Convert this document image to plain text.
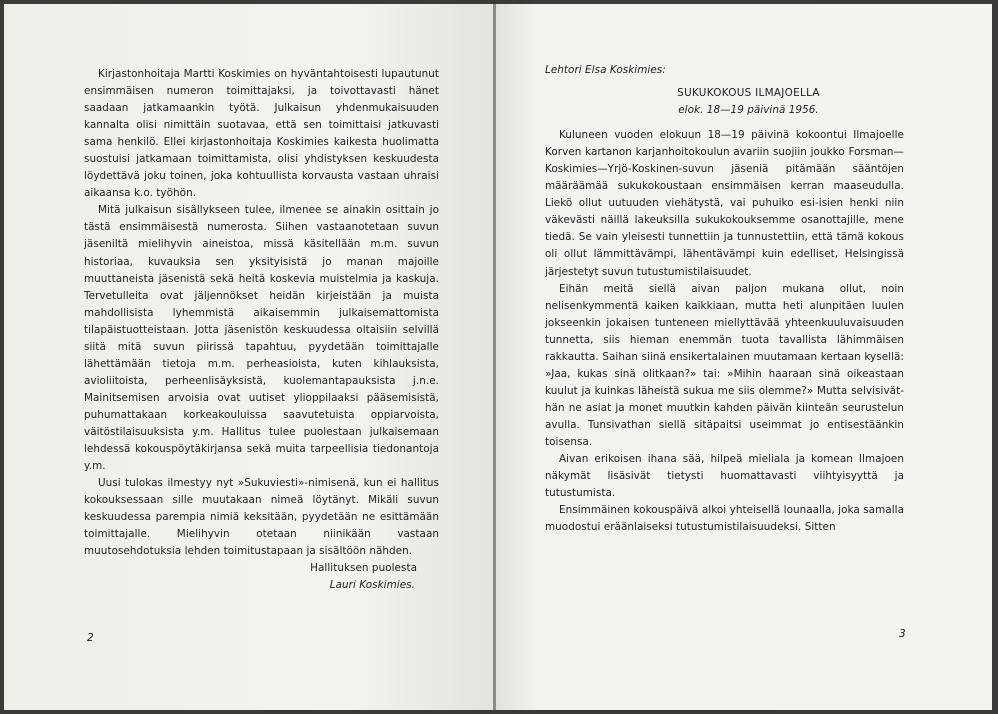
Kirjastonhoitaja Martti Koskimies on hyväntahtoisesti lupautunut ensimmäisen numeron toimittajaksi, ja toivottavasti hänet saadaan jatkamaankin työtä. Julkaisun yhdenmukaisuuden kannalta olisi nimittäin suotavaa, että sen toimittaisi jatkuvasti sama henkilö. Ellei kirjastonhoitaja Koskimies kaikesta huolimatta suostuisi jatkamaan toimittamista, olisi yhdistyksen keskuudesta löydettävä joku toinen, joka kohtuullista korvausta vastaan uhraisi aikaansa k.o. työhön.

Mitä julkaisun sisällykseen tulee, ilmenee se ainakin osittain jo tästä ensimmäisestä numerosta. Siihen vastaanotetaan suvun jäseniltä mielihyvin aineistoa, missä käsitellään m.m. suvun historiaa, kuvauksia sen yksityisistä jo manan majoille muuttaneista jäsenistä sekä heitä koskevia muistelmia ja kaskuja. Tervetulleita ovat jäljennökset heidän kirjeistään ja muista mahdollisista lyhemmistä aikaisemmin julkaisemattomista tilapäistuotteistaan. Jotta jäsenistön keskuudessa oltaisiin selvillä siitä mitä suvun piirissä tapahtuu, pyydetään toimittajalle lähettämään tietoja m.m. perheasioista, kuten kihlauksista, avioliitoista, perheenlisäyksistä, kuolemantapauksista j.n.e. Mainitsemisen arvoisia ovat uutiset ylioppilaaksi pääsemisistä, puhumattakaan korkeakouluissa saavutetuista oppiarvoista, väitöstilaisuuksista y.m. Hallitus tulee puolestaan julkaisemaan lehdessä kokouspöytäkirjansa sekä muita tarpeellisia tiedonantoja y.m.

Uusi tulokas ilmestyy nyt »Sukuviesti»-nimisenä, kun ei hallitus kokouksessaan sille muutakaan nimeä löytänyt. Mikäli suvun keskuudessa parempia nimiä keksitään, pyydetään ne esittämään toimittajalle. Mielihyvin otetaan niinikään vastaan muutosehdotuksia lehden toimitustapaan ja sisältöön nähden.

Hallituksen puolesta

Lauri Koskimies.

2

Lehtori Elsa Koskimies:

SUKUKOKOUS ILMAJOELLA

elok. 18—19 päivinä 1956.

Kuluneen vuoden elokuun 18—19 päivinä kokoontui Ilmajoelle Korven kartanon karjanhoitokoulun avariin suojiin joukko Forsman—Koskimies—Yrjö-Koskinen-suvun jäseniä pitämään sääntöjen määräämää sukukokoustaan ensimmäisen kerran maaseudulla. Liekö ollut uutuuden viehätystä, vai puhuiko esi-isien henki niin väkevästi näillä lakeuksilla sukukokouksemme osanottajille, mene tiedä. Se vain yleisesti tunnettiin ja tunnustettiin, että tämä kokous oli ollut lämmittävämpi, lähentävämpi kuin edelliset, Helsingissä järjestetyt suvun tutustumistilaisuudet.

Eihän meitä siellä aivan paljon mukana ollut, noin nelisenkymmentä kaiken kaikkiaan, mutta heti alunpitäen luulen jokseenkin jokaisen tunteneen miellyttävää yhteenkuuluvaisuuden tunnetta, siis hieman enemmän tuota tavallista lähimmäisen rakkautta. Saihan siinä ensikertalainen muutamaan kertaan kysellä: »Jaa, kukas sinä olitkaan?» tai: »Mihin haaraan sinä oikeastaan kuulut ja kuinkas läheistä sukua me siis olemme?» Mutta selvisivät-hän ne asiat ja monet muutkin kahden päivän kiinteän seurustelun avulla. Tunsivathan siellä sitäpaitsi useimmat jo entisestäänkin toisensa.

Aivan erikoisen ihana sää, hilpeä mieliala ja komean Ilmajoen näkymät lisäsivät tietysti huomattavasti viihtyisyyttä ja tutustumista.

Ensimmäinen kokouspäivä alkoi yhteisellä lounaalla, joka samalla muodostui eräänlaiseksi tutustumistilaisuudeksi. Sitten

3
